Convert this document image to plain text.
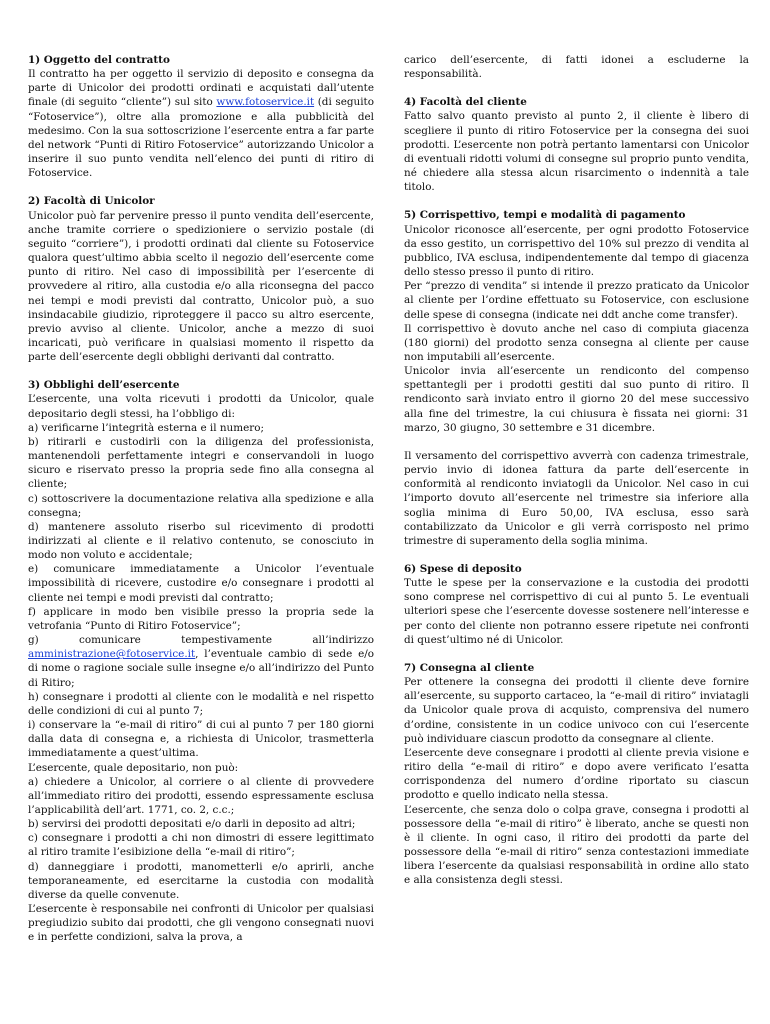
1) Oggetto del contratto

Il contratto ha per oggetto il servizio di deposito e consegna da parte di Unicolor dei prodotti ordinati e acquistati dall’utente finale (di seguito “cliente”) sul sito www.fotoservice.it (di seguito “Fotoservice”), oltre alla promozione e alla pubblicità del medesimo. Con la sua sottoscrizione l’esercente entra a far parte del network “Punti di Ritiro Fotoservice” autorizzando Unicolor a inserire il suo punto vendita nell’elenco dei punti di ritiro di Fotoservice.

2) Facoltà di Unicolor

Unicolor può far pervenire presso il punto vendita dell’esercente, anche tramite corriere o spedizioniere o servizio postale (di seguito “corriere”), i prodotti ordinati dal cliente su Fotoservice qualora quest’ultimo abbia scelto il negozio dell’esercente come punto di ritiro. Nel caso di impossibilità per l’esercente di provvedere al ritiro, alla custodia e/o alla riconsegna del pacco nei tempi e modi previsti dal contratto, Unicolor può, a suo insindacabile giudizio, riproteggere il pacco su altro esercente, previo avviso al cliente. Unicolor, anche a mezzo di suoi incaricati, può verificare in qualsiasi momento il rispetto da parte dell’esercente degli obblighi derivanti dal contratto.

3) Obblighi dell’esercente

L’esercente, una volta ricevuti i prodotti da Unicolor, quale depositario degli stessi, ha l’obbligo di:

a) verificarne l’integrità esterna e il numero;

b) ritirarli e custodirli con la diligenza del professionista, mantenendoli perfettamente integri e conservandoli in luogo sicuro e riservato presso la propria sede fino alla consegna al cliente;

c) sottoscrivere la documentazione relativa alla spedizione e alla consegna;

d) mantenere assoluto riserbo sul ricevimento di prodotti indirizzati al cliente e il relativo contenuto, se conosciuto in modo non voluto e accidentale;

e) comunicare immediatamente a Unicolor l’eventuale impossibilità di ricevere, custodire e/o consegnare i prodotti al cliente nei tempi e modi previsti dal contratto;

f) applicare in modo ben visibile presso la propria sede la vetrofania “Punto di Ritiro Fotoservice”;

g) comunicare tempestivamente all’indirizzo amministrazione@fotoservice.it, l’eventuale cambio di sede e/o di nome o ragione sociale sulle insegne e/o all’indirizzo del Punto di Ritiro;

h) consegnare i prodotti al cliente con le modalità e nel rispetto delle condizioni di cui al punto 7;

i) conservare la “e-mail di ritiro” di cui al punto 7 per 180 giorni dalla data di consegna e, a richiesta di Unicolor, trasmetterla immediatamente a quest’ultima.

L’esercente, quale depositario, non può:

a) chiedere a Unicolor, al corriere o al cliente di provvedere all’immediato ritiro dei prodotti, essendo espressamente esclusa l’applicabilità dell’art. 1771, co. 2, c.c.;

b) servirsi dei prodotti depositati e/o darli in deposito ad altri;

c) consegnare i prodotti a chi non dimostri di essere legittimato al ritiro tramite l’esibizione della “e-mail di ritiro”;

d) danneggiare i prodotti, manometterli e/o aprirli, anche temporaneamente, ed esercitarne la custodia con modalità diverse da quelle convenute.

L’esercente è responsabile nei confronti di Unicolor per qualsiasi pregiudizio subito dai prodotti, che gli vengono consegnati nuovi e in perfette condizioni, salva la prova, a

carico dell’esercente, di fatti idonei a escluderne la responsabilità.

4) Facoltà del cliente

Fatto salvo quanto previsto al punto 2, il cliente è libero di scegliere il punto di ritiro Fotoservice per la consegna dei suoi prodotti. L’esercente non potrà pertanto lamentarsi con Unicolor di eventuali ridotti volumi di consegne sul proprio punto vendita, né chiedere alla stessa alcun risarcimento o indennità a tale titolo.

5) Corrispettivo, tempi e modalità di pagamento

Unicolor riconosce all’esercente, per ogni prodotto Fotoservice da esso gestito, un corrispettivo del 10% sul prezzo di vendita al pubblico, IVA esclusa, indipendentemente dal tempo di giacenza dello stesso presso il punto di ritiro.

Per “prezzo di vendita” si intende il prezzo praticato da Unicolor al cliente per l’ordine effettuato su Fotoservice, con esclusione delle spese di consegna (indicate nei ddt anche come transfer).

Il corrispettivo è dovuto anche nel caso di compiuta giacenza (180 giorni) del prodotto senza consegna al cliente per cause non imputabili all’esercente.

Unicolor invia all’esercente un rendiconto del compenso spettantegli per i prodotti gestiti dal suo punto di ritiro. Il rendiconto sarà inviato entro il giorno 20 del mese successivo alla fine del trimestre, la cui chiusura è fissata nei giorni: 31 marzo, 30 giugno, 30 settembre e 31 dicembre.

Il versamento del corrispettivo avverrà con cadenza trimestrale, pervio invio di idonea fattura da parte dell’esercente in conformità al rendiconto inviatogli da Unicolor. Nel caso in cui l’importo dovuto all’esercente nel trimestre sia inferiore alla soglia minima di Euro 50,00, IVA esclusa, esso sarà contabilizzato da Unicolor e gli verrà corrisposto nel primo trimestre di superamento della soglia minima.

6) Spese di deposito

Tutte le spese per la conservazione e la custodia dei prodotti sono comprese nel corrispettivo di cui al punto 5. Le eventuali ulteriori spese che l’esercente dovesse sostenere nell’interesse e per conto del cliente non potranno essere ripetute nei confronti di quest’ultimo né di Unicolor.

7) Consegna al cliente

Per ottenere la consegna dei prodotti il cliente deve fornire all’esercente, su supporto cartaceo, la “e-mail di ritiro” inviatagli da Unicolor quale prova di acquisto, comprensiva del numero d’ordine, consistente in un codice univoco con cui l’esercente può individuare ciascun prodotto da consegnare al cliente.

L’esercente deve consegnare i prodotti al cliente previa visione e ritiro della “e-mail di ritiro” e dopo avere verificato l’esatta corrispondenza del numero d’ordine riportato su ciascun prodotto e quello indicato nella stessa.

L’esercente, che senza dolo o colpa grave, consegna i prodotti al possessore della “e-mail di ritiro” è liberato, anche se questi non è il cliente. In ogni caso, il ritiro dei prodotti da parte del possessore della “e-mail di ritiro” senza contestazioni immediate libera l’esercente da qualsiasi responsabilità in ordine allo stato e alla consistenza degli stessi.
